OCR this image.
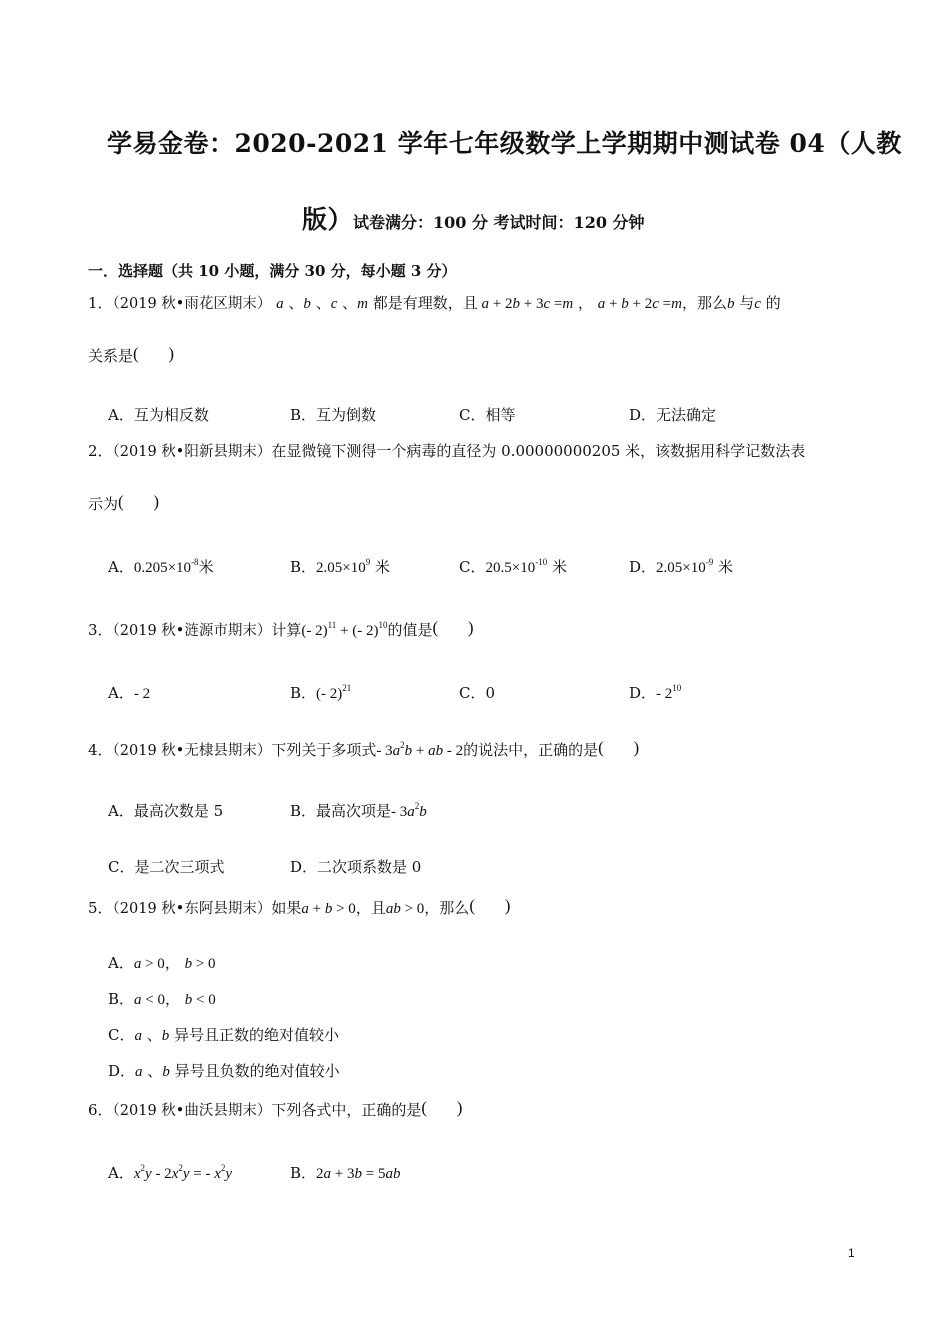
学易金卷：2020-2021 学年七年级数学上学期期中测试卷 04（人教
版）试卷满分：100 分 考试时间：120 分钟
一．选择题（共 10 小题，满分 30 分，每小题 3 分）
1．（2019 秋•雨花区期末） a 、b 、c 、m 都是有理数，且 a + 2b + 3c =m ， a + b + 2c =m，那么b 与c 的
关系是(       )
A．互为相反数	B．互为倒数	C．相等	D．无法确定
2．（2019 秋•阳新县期末）在显微镜下测得一个病毒的直径为 0.00000000205 米，该数据用科学记数法表
示为(       )
A．$0.205\times 10^{-8}$米	B．$2.05\times 10^9$ 米	C．$20.5\times 10^{-10}$ 米	D．$2.05\times 10^{-9}$ 米
3．（2019 秋•涟源市期末）计算(- 2)$^{11}$ + (- 2)$^{10}$的值是(       )
A．- 2	B．(- 2)$^{21}$	C．0	D．- $2^{10}$
4．（2019 秋•无棣县期末）下列关于多项式- $3a^2b$ + ab - 2的说法中，正确的是(       )
A．最高次数是 5	B．最高次项是- $3a^2b$
C．是二次三项式	D．二次项系数是 0
5．（2019 秋•东阿县期末）如果a + b > 0，且ab > 0，那么(       )
A．a > 0， b > 0
B．a < 0， b < 0
C．a 、b 异号且正数的绝对值较小
D．a 、b 异号且负数的绝对值较小
6．（2019 秋•曲沃县期末）下列各式中，正确的是(       )
A．$x^2y - 2x^2y$ = - $x^2y$	B．2a + 3b = 5ab
1
